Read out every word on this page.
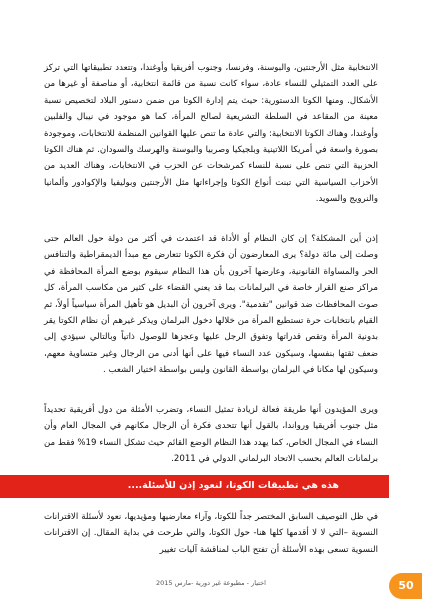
الانتخابية مثل الأرجنتين، والبوسنة، وفرنسا، وجنوب أفريقيا وأوغندا، وتتعدد تطبيقاتها التي تركز على العدد التمثيلي للنساء عادة، سواء كانت نسبة من قائمة انتخابية، أو مناصفة أو غيرها من الأشكال. ومنها الكوتا الدستورية: حيث يتم إدارة الكوتا من ضمن دستور البلاد لتخصيص نسبة معينة من المقاعد في السلطة التشريعية لصالح المرأة، كما هو موجود في نيبال والفلبين وأوغندا، وهناك الكوتا الانتخابية: والتي عادة ما تنص عليها القوانين المنظمة للانتخابات، وموجودة بصورة واسعة في أمريكا اللاتينية وبلجيكيا وصربيا والبوسنة والهرسك والسودان. ثم هناك الكوتا الحزبية التي تنص على نسبة للنساء كمرشحات عن الحزب في الانتخابات، وهناك العديد من الأحزاب السياسية التي تبنت أنواع الكوتا وإجراءاتها مثل الأرجنتين وبوليفيا والإكوادور وألمانيا والنرويج والسويد.

إذن أين المشكلة؟ إن كان النظام أو الأداة قد اعتمدت في أكثر من دولة حول العالم حتى وصلت إلى مائة دولة؟ يرى المعارضون أن فكرة الكوتا تتعارض مع مبدأ الديمقراطية والتنافس الحر والمساواة القانونية، وعارضها آخرون بأن هذا النظام سيقوم بوضع المرأة المحافظة في مراكز صنع القرار خاصة في البرلمانات بما قد يعني القضاء على كثير من مكاسب المرأة، كل صوت المحافظات ضد قوانين "تقدمية". ويرى آخرون أن البديل هو تأهيل المرأة سياسياً أولاً، ثم القيام بانتخابات حرة تستطيع المرأة من خلالها دخول البرلمان ويذكر غيرهم أن نظام الكوتا يقر بدونية المرأة وتقص قدراتها وتفوق الرجل عليها وعجزها للوصول ذاتياً وبالتالي سيؤدي إلى ضعف ثقتها بنفسها، وسيكون عدد النساء فيها على أنها أدنى من الرجال وغير متساوية معهم، وسيكون لها مكانا في البرلمان بواسطة القانون وليس بواسطة اختيار الشعب .

ويرى المؤيدون أنها طريقة فعالة لزيادة تمثيل النساء، وتضرب الأمثلة من دول أفريقية تحديداً مثل جنوب أفريقيا ورواندا، بالقول أنها تتحدى فكرة أن الرجال مكانهم في المجال العام وأن النساء في المجال الخاص، كما يهدد هذا النظام الوضع القائم حيث تشكل النساء 19% فقط من برلمانات العالم بحسب الاتحاد البرلماني الدولي في 2011.

هذه هي تطبيقات الكوتا، لنعود إذن للأسئلة....

في ظل التوصيف السابق المختصر جداً للكوتا، وآراء معارضيها ومؤيديها، نعود لأسئلة الاقترانات النسوية –التي لا لا أقدمها كلها هنا- حول الكوتا، والتي طرحت في بداية المقال. إن الاقترانات النسوية تسعى بهذه الأسئلة أن تفتح الباب لمناقشة آليات تغيير

50
اختيار - مطبوعة غير دورية -مارس 2015
